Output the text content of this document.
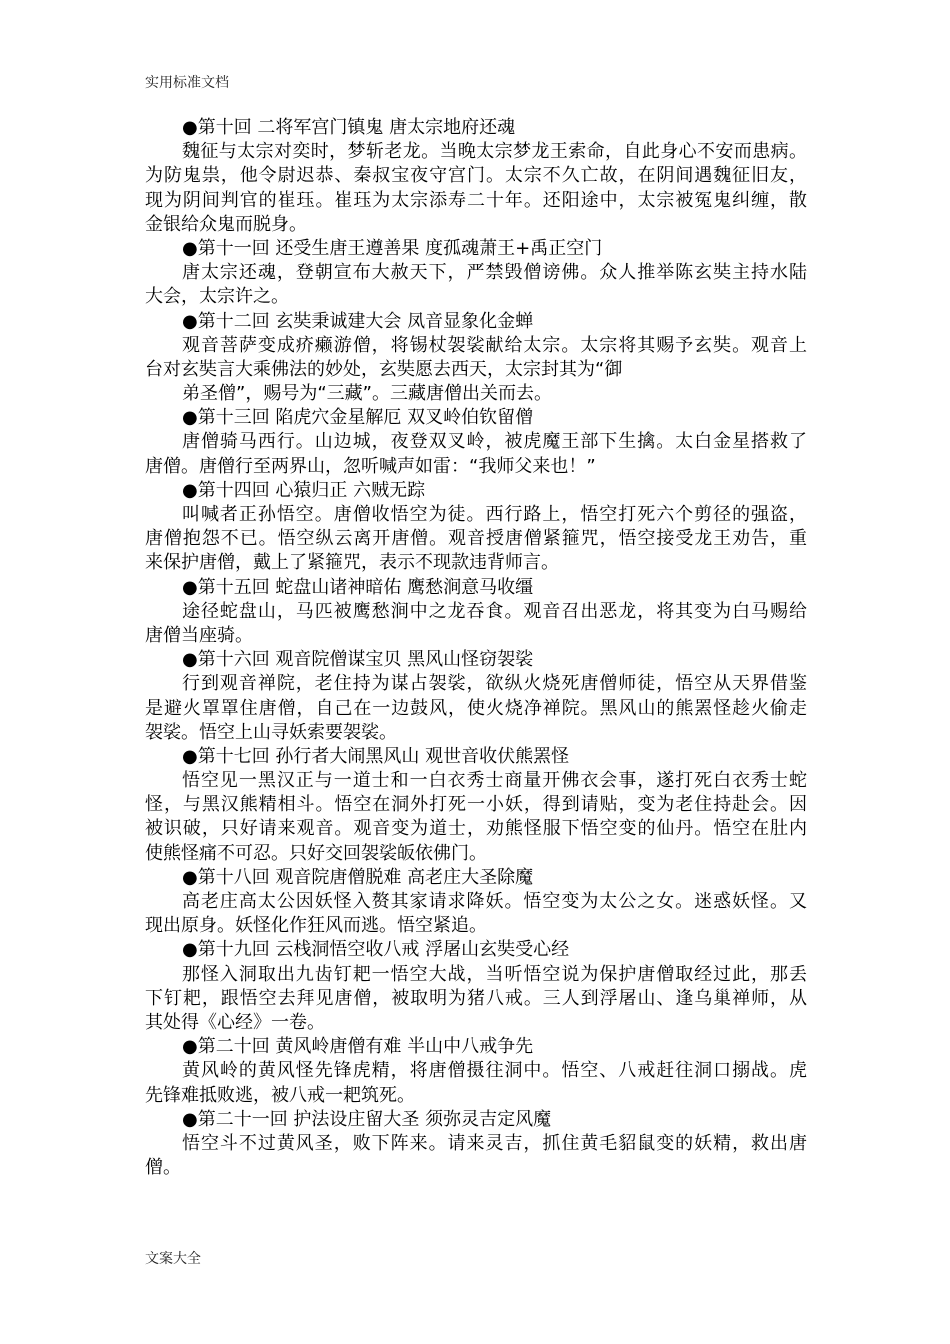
实用标准文档
●第十回 二将军宫门镇鬼 唐太宗地府还魂
魏征与太宗对奕时，梦斩老龙。当晚太宗梦龙王索命，自此身心不安而患病。
为防鬼祟，他令尉迟恭、秦叔宝夜守宫门。太宗不久亡故，在阴间遇魏征旧友，
现为阴间判官的崔珏。崔珏为太宗添寿二十年。还阳途中，太宗被冤鬼纠缠，散
金银给众鬼而脱身。
●第十一回 还受生唐王遵善果 度孤魂萧王+禹正空门
唐太宗还魂，登朝宣布大赦天下，严禁毁僧谤佛。众人推举陈玄奘主持水陆
大会，太宗许之。
●第十二回 玄奘秉诚建大会 凤音显象化金蝉
观音菩萨变成疥癞游僧，将锡杖袈裟献给太宗。太宗将其赐予玄奘。观音上
台对玄奘言大乘佛法的妙处，玄奘愿去西天，太宗封其为“御
弟圣僧”，赐号为“三藏”。三藏唐僧出关而去。
●第十三回 陷虎穴金星解厄 双叉岭伯钦留僧
唐僧骑马西行。山边城，夜登双叉岭，被虎魔王部下生擒。太白金星搭救了
唐僧。唐僧行至两界山，忽听喊声如雷：“我师父来也！”
●第十四回 心猿归正 六贼无踪
叫喊者正孙悟空。唐僧收悟空为徒。西行路上，悟空打死六个剪径的强盗，
唐僧抱怨不已。悟空纵云离开唐僧。观音授唐僧紧箍咒，悟空接受龙王劝告，重
来保护唐僧，戴上了紧箍咒，表示不现款违背师言。
●第十五回 蛇盘山诸神暗佑 鹰愁涧意马收缰
途径蛇盘山，马匹被鹰愁涧中之龙吞食。观音召出恶龙，将其变为白马赐给
唐僧当座骑。
●第十六回 观音院僧谋宝贝 黑风山怪窃袈裟
行到观音禅院，老住持为谋占袈裟，欲纵火烧死唐僧师徒，悟空从天界借鉴
是避火罩罩住唐僧，自己在一边鼓风，使火烧净禅院。黑风山的熊罴怪趁火偷走
袈裟。悟空上山寻妖索要袈裟。
●第十七回 孙行者大闹黑风山 观世音收伏熊罴怪
悟空见一黑汉正与一道士和一白衣秀士商量开佛衣会事，遂打死白衣秀士蛇
怪，与黑汉熊精相斗。悟空在洞外打死一小妖，得到请贴，变为老住持赴会。因
被识破，只好请来观音。观音变为道士，劝熊怪服下悟空变的仙丹。悟空在肚内
使熊怪痛不可忍。只好交回袈裟皈依佛门。
●第十八回 观音院唐僧脱难 高老庄大圣除魔
高老庄高太公因妖怪入赘其家请求降妖。悟空变为太公之女。迷惑妖怪。又
现出原身。妖怪化作狂风而逃。悟空紧追。
●第十九回 云栈洞悟空收八戒 浮屠山玄奘受心经
那怪入洞取出九齿钉耙一悟空大战，当听悟空说为保护唐僧取经过此，那丢
下钉耙，跟悟空去拜见唐僧，被取明为猪八戒。三人到浮屠山、逢乌巢禅师，从
其处得《心经》一卷。
●第二十回 黄风岭唐僧有难 半山中八戒争先
黄风岭的黄风怪先锋虎精，将唐僧摄往洞中。悟空、八戒赶往洞口搦战。虎
先锋难抵败逃，被八戒一耙筑死。
●第二十一回 护法设庄留大圣 须弥灵吉定风魔
悟空斗不过黄风圣，败下阵来。请来灵吉，抓住黄毛貂鼠变的妖精，救出唐
僧。
文案大全
